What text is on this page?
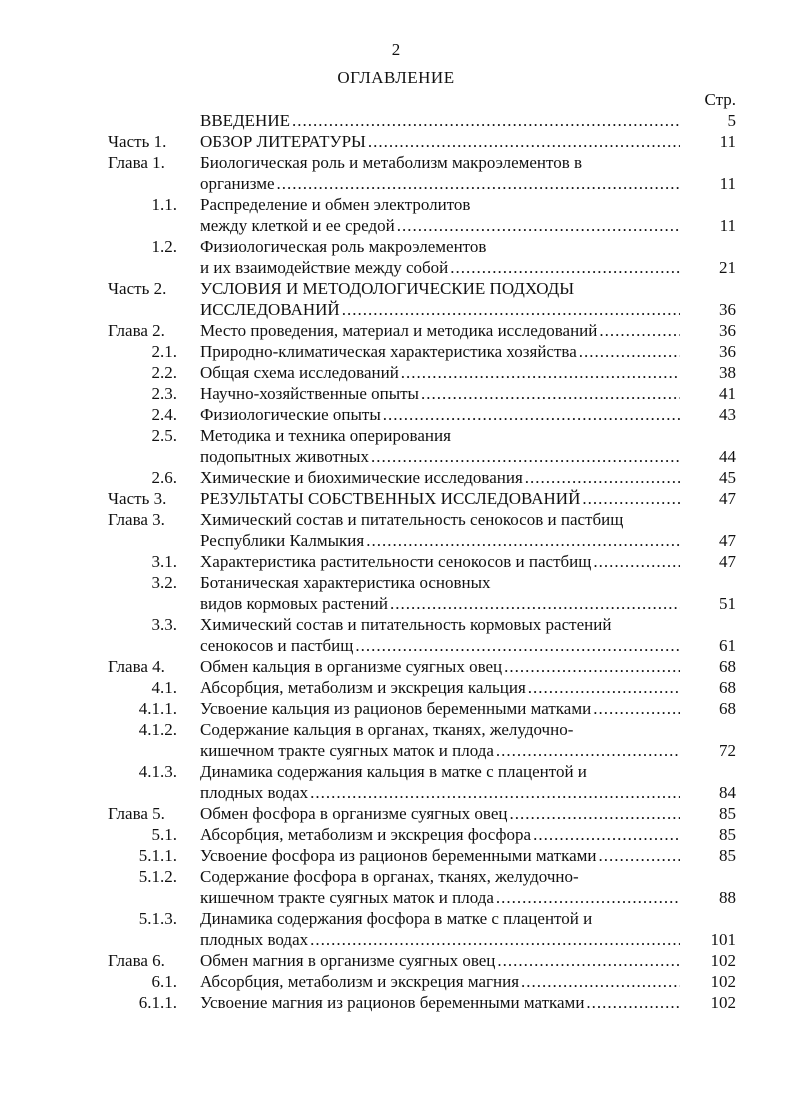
2
ОГЛАВЛЕНИЕ
Стр.
ВВЕДЕНИЕ .....	5
Часть 1. ОБЗОР ЛИТЕРАТУРЫ .....	11
Глава 1. Биологическая роль и метаболизм макроэлементов в
организме .....	11
1.1. Распределение и обмен электролитов
между клеткой и ее средой .....	11
1.2. Физиологическая роль макроэлементов
и их взаимодействие между собой .....	21
Часть 2. УСЛОВИЯ И МЕТОДОЛОГИЧЕСКИЕ ПОДХОДЫ
ИССЛЕДОВАНИЙ .....	36
Глава 2. Место проведения, материал и методика исследований .....	36
2.1. Природно-климатическая характеристика хозяйства .....	36
2.2. Общая схема исследований .....	38
2.3. Научно-хозяйственные опыты .....	41
2.4. Физиологические опыты .....	43
2.5. Методика и техника оперирования
подопытных животных .....	44
2.6. Химические и биохимические исследования .....	45
Часть 3. РЕЗУЛЬТАТЫ СОБСТВЕННЫХ ИССЛЕДОВАНИЙ .....	47
Глава 3. Химический состав и питательность сенокосов и пастбищ
Республики Калмыкия .....	47
3.1. Характеристика растительности сенокосов и пастбищ .....	47
3.2. Ботаническая характеристика основных
видов кормовых растений .....	51
3.3. Химический состав и питательность кормовых растений
сенокосов и пастбищ .....	61
Глава 4. Обмен кальция в организме суягных овец .....	68
4.1. Абсорбция, метаболизм и экскреция кальция .....	68
4.1.1. Усвоение кальция из рационов беременными матками .....	68
4.1.2. Содержание кальция в органах, тканях, желудочно-
кишечном тракте суягных маток и плода .....	72
4.1.3. Динамика содержания кальция в матке с плацентой и
плодных водах .....	84
Глава 5. Обмен фосфора в организме суягных овец .....	85
5.1. Абсорбция, метаболизм и экскреция фосфора .....	85
5.1.1. Усвоение фосфора из рационов беременными матками .....	85
5.1.2. Содержание фосфора в органах, тканях, желудочно-
кишечном тракте суягных маток и плода .....	88
5.1.3. Динамика содержания фосфора в матке с плацентой и
плодных водах .....	101
Глава 6. Обмен магния в организме суягных овец .....	102
6.1. Абсорбция, метаболизм и экскреция магния .....	102
6.1.1. Усвоение магния из рационов беременными матками .....	102
